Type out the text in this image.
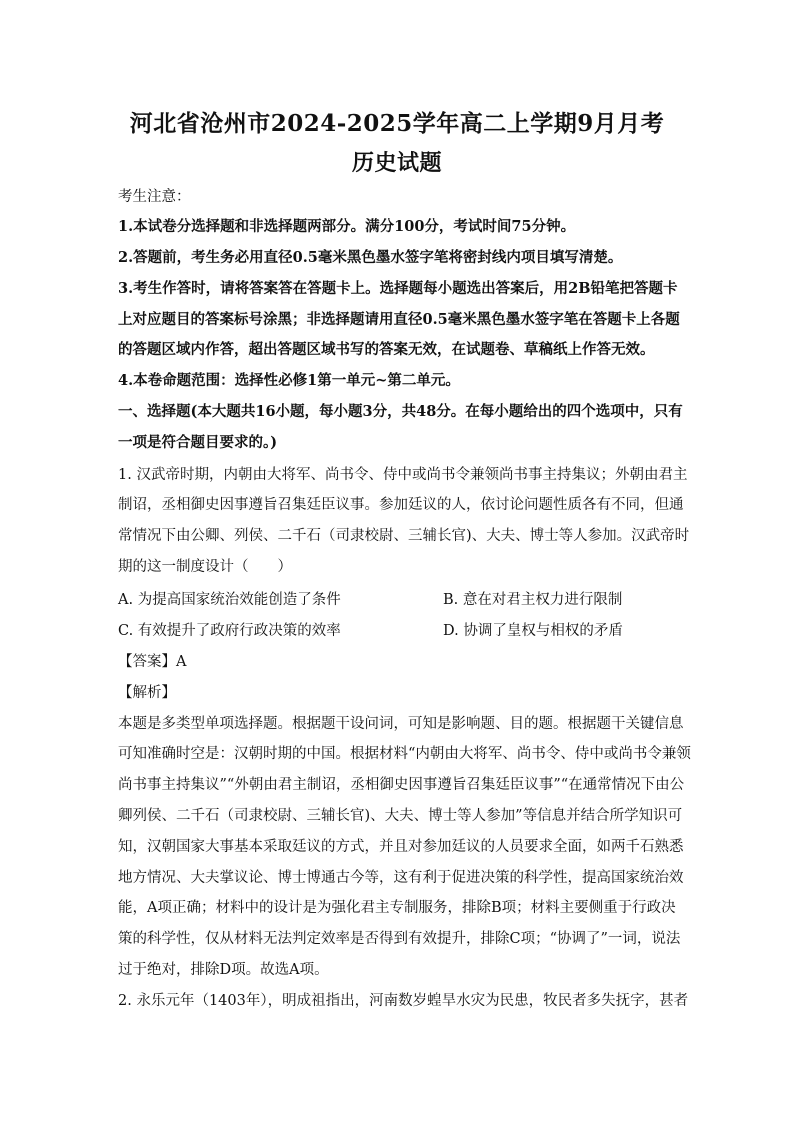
河北省沧州市2024-2025学年高二上学期9月月考
历史试题
考生注意：
1.本试卷分选择题和非选择题两部分。满分100分，考试时间75分钟。
2.答题前，考生务必用直径0.5毫米黑色墨水签字笔将密封线内项目填写清楚。
3.考生作答时，请将答案答在答题卡上。选择题每小题选出答案后，用2B铅笔把答题卡
上对应题目的答案标号涂黑；非选择题请用直径0.5毫米黑色墨水签字笔在答题卡上各题
的答题区域内作答，超出答题区域书写的答案无效，在试题卷、草稿纸上作答无效。
4.本卷命题范围：选择性必修1第一单元~第二单元。
一、选择题(本大题共16小题，每小题3分，共48分。在每小题给出的四个选项中，只有
一项是符合题目要求的。)
1. 汉武帝时期，内朝由大将军、尚书令、侍中或尚书令兼领尚书事主持集议；外朝由君主
制诏，丞相御史因事遵旨召集廷臣议事。参加廷议的人，依讨论问题性质各有不同，但通
常情况下由公卿、列侯、二千石（司隶校尉、三辅长官)、大夫、博士等人参加。汉武帝时
期的这一制度设计（　　）
A. 为提高国家统治效能创造了条件	B. 意在对君主权力进行限制
C. 有效提升了政府行政决策的效率	D. 协调了皇权与相权的矛盾
【答案】A
【解析】
本题是多类型单项选择题。根据题干设问词，可知是影响题、目的题。根据题干关键信息
可知准确时空是：汉朝时期的中国。根据材料“内朝由大将军、尚书令、侍中或尚书令兼领
尚书事主持集议”“外朝由君主制诏，丞相御史因事遵旨召集廷臣议事”“在通常情况下由公
卿列侯、二千石（司隶校尉、三辅长官)、大夫、博士等人参加”等信息并结合所学知识可
知，汉朝国家大事基本采取廷议的方式，并且对参加廷议的人员要求全面，如两千石熟悉
地方情况、大夫掌议论、博士博通古今等，这有利于促进决策的科学性，提高国家统治效
能，A项正确；材料中的设计是为强化君主专制服务，排除B项；材料主要侧重于行政决
策的科学性，仅从材料无法判定效率是否得到有效提升，排除C项；“协调了”一词，说法
过于绝对，排除D项。故选A项。
2. 永乐元年（1403年），明成祖指出，河南数岁蝗旱水灾为民患，牧民者多失抚字，甚者
